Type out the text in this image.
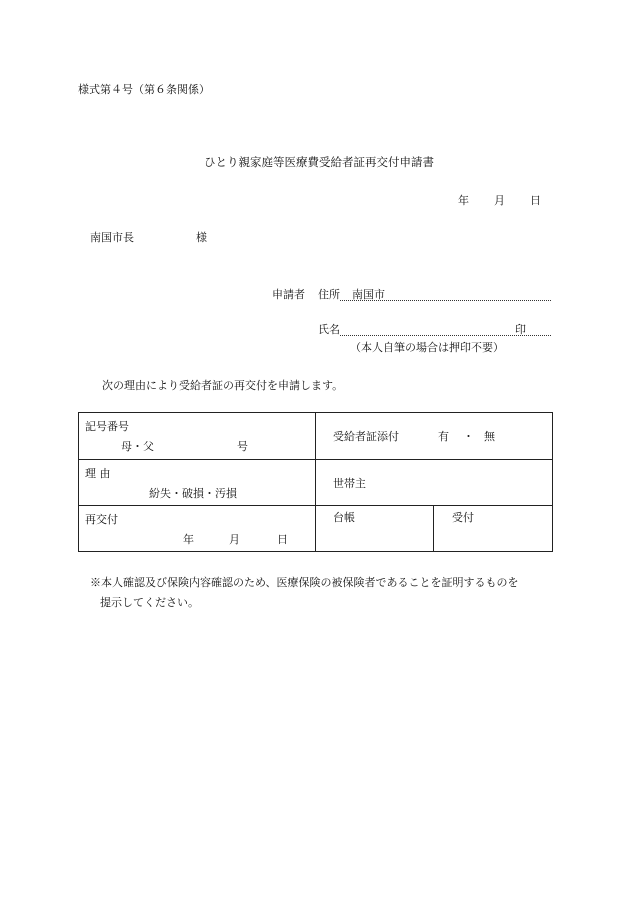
様式第４号（第６条関係）
ひとり親家庭等医療費受給者証再交付申請書
年 月 日
南国市長	様
申請者 住所 南国市
氏名	印
（本人自筆の場合は押印不要）
次の理由により受給者証の再交付を申請します。
記号番号
母・父 号	受給者証添付 有 ・ 無	

理 由
紛失・破損・汚損	世帯主	

再交付
年 月 日	台帳	受付
※本人確認及び保険内容確認のため、医療保険の被保険者であることを証明するものを
提示してください。
